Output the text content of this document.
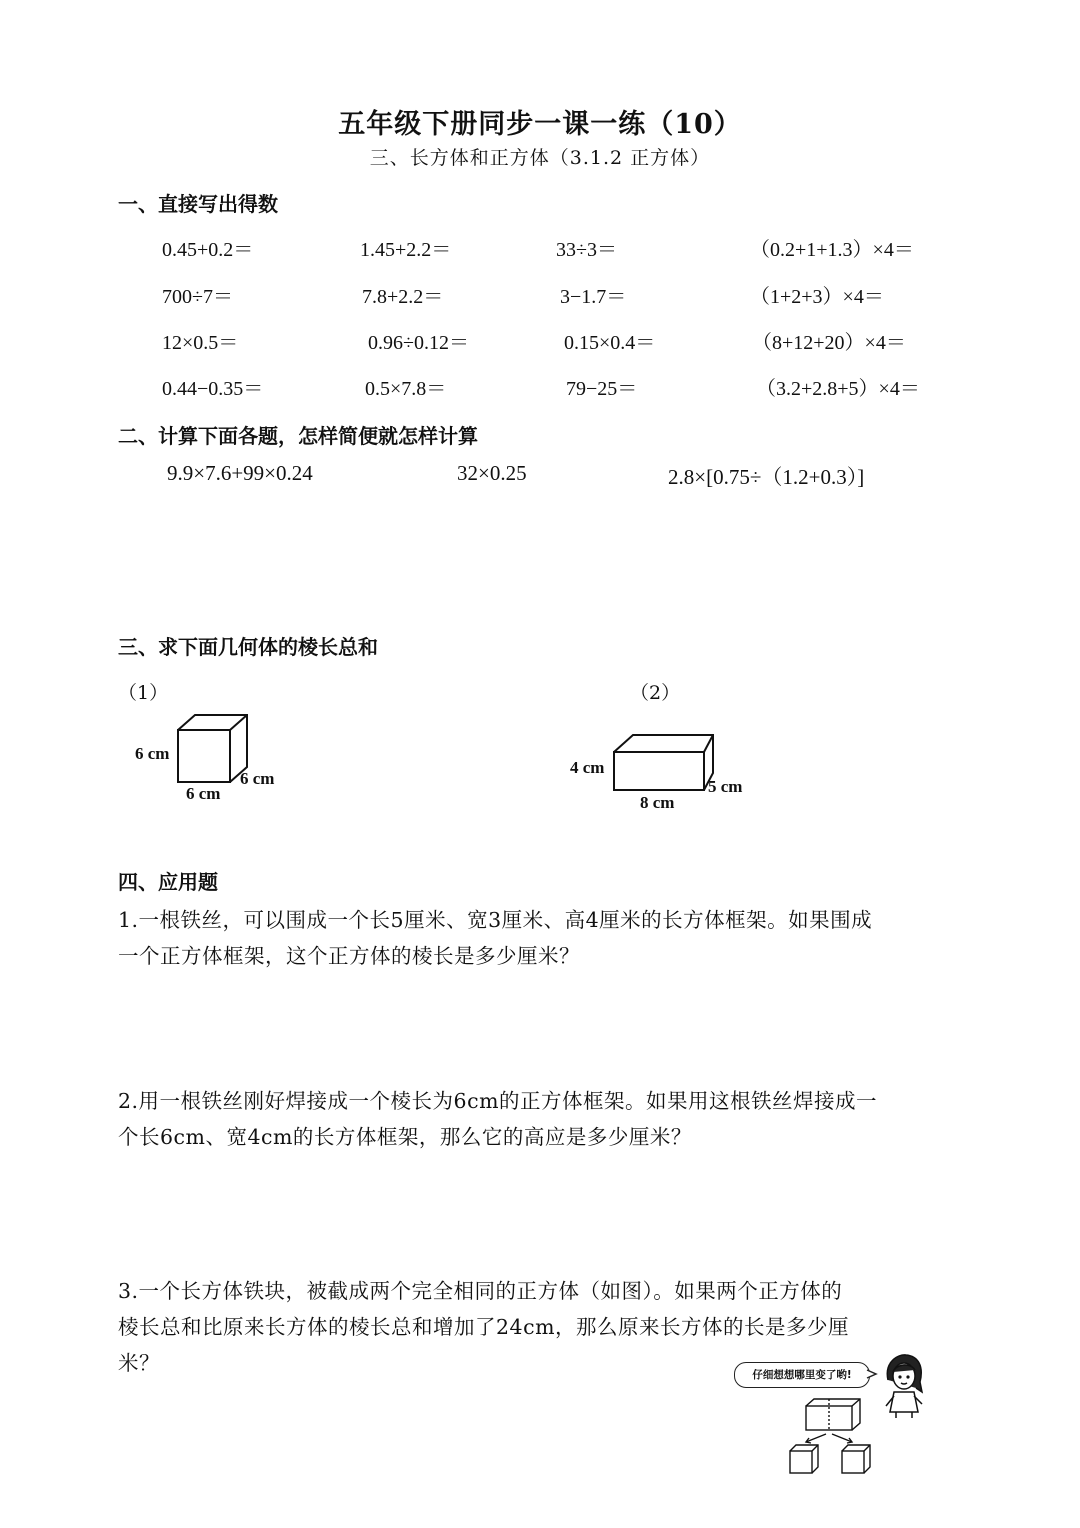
五年级下册同步一课一练（10）
三、长方体和正方体（3.1.2 正方体）
一、直接写出得数
0.45+0.2＝	1.45+2.2＝	33÷3＝	（0.2+1+1.3）×4＝
700÷7＝	7.8+2.2＝	3−1.7＝	（1+2+3）×4＝
12×0.5＝	0.96÷0.12＝	0.15×0.4＝	（8+12+20）×4＝
0.44−0.35＝	0.5×7.8＝	79−25＝	（3.2+2.8+5）×4＝
二、计算下面各题，怎样简便就怎样计算
9.9×7.6+99×0.24	32×0.25	2.8×[0.75÷（1.2+0.3）]
三、求下面几何体的棱长总和
（1）	（2）
6 cm
6 cm
6 cm
4 cm
8 cm
5 cm
四、应用题
1.一根铁丝，可以围成一个长5厘米、宽3厘米、高4厘米的长方体框架。如果围成
一个正方体框架，这个正方体的棱长是多少厘米？
2.用一根铁丝刚好焊接成一个棱长为6cm的正方体框架。如果用这根铁丝焊接成一
个长6cm、宽4cm的长方体框架，那么它的高应是多少厘米？
3.一个长方体铁块，被截成两个完全相同的正方体（如图）。如果两个正方体的
棱长总和比原来长方体的棱长总和增加了24cm，那么原来长方体的长是多少厘
米？	仔细想想哪里变了哟!
